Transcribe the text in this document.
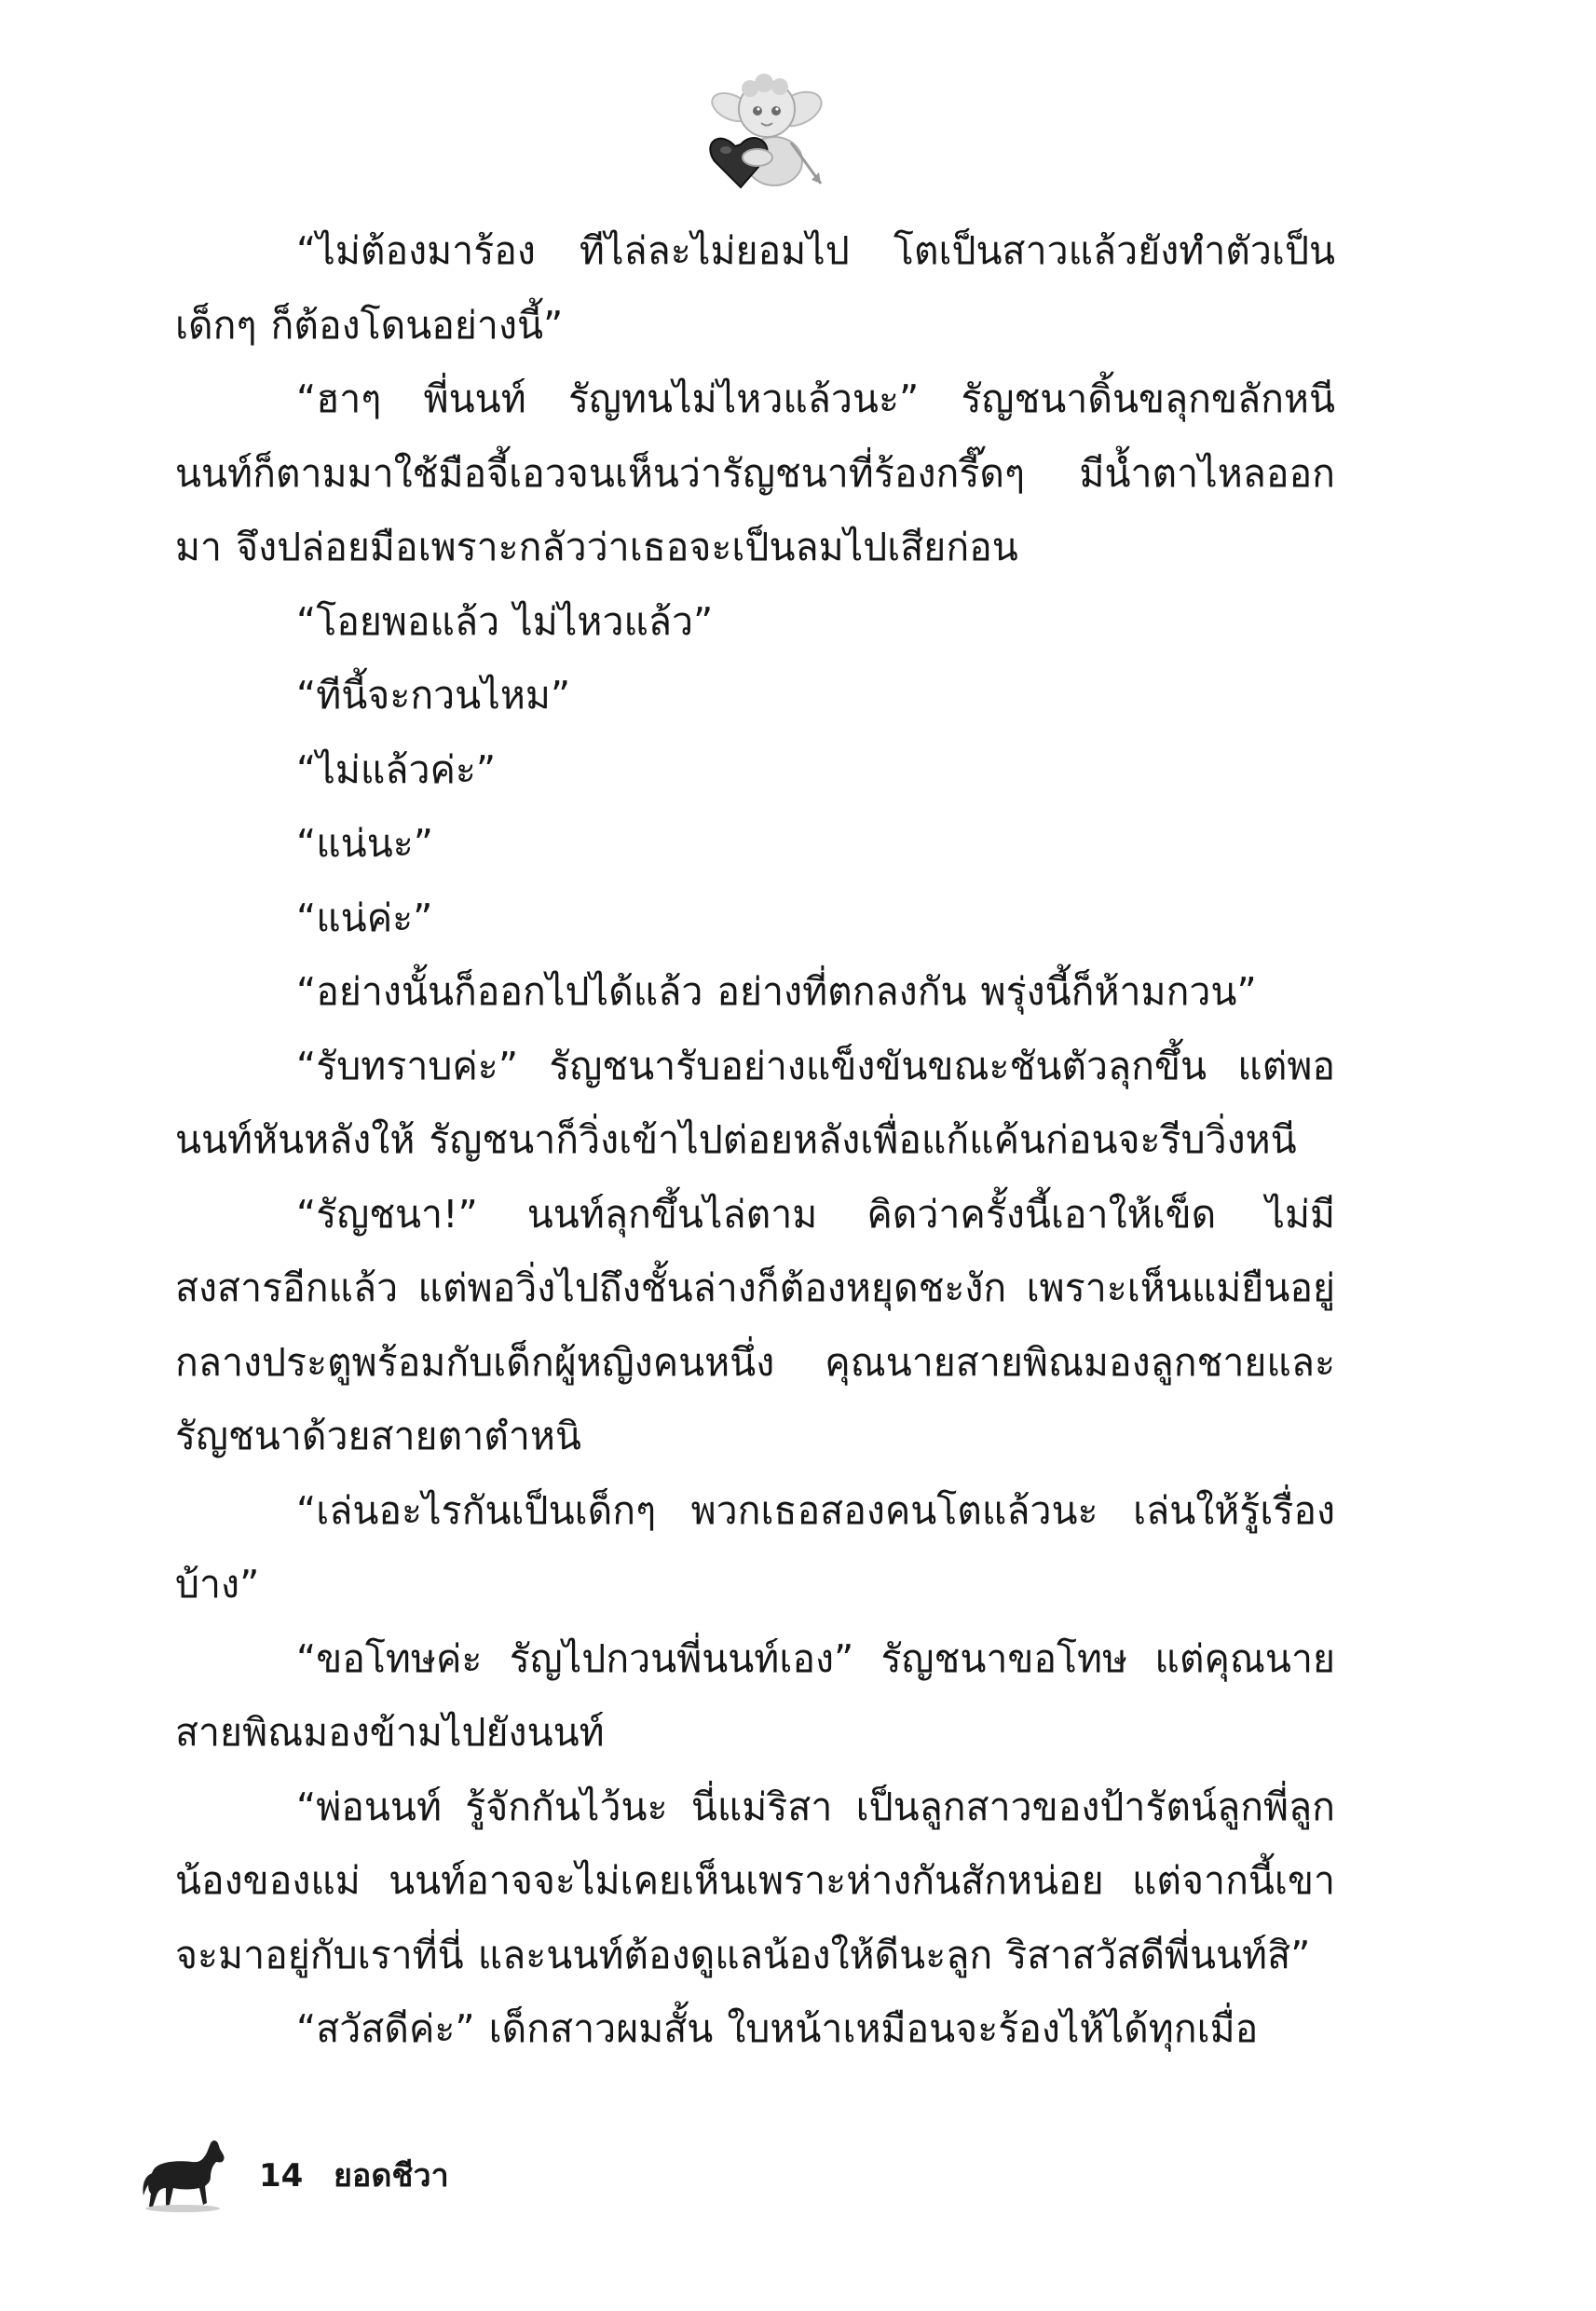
“ไม่ต้องมาร้อง ทีไล่ละไม่ยอมไป โตเป็นสาวแล้วยังทำตัวเป็นเด็กๆ ก็ต้องโดนอย่างนี้”

“ฮาๆ พี่นนท์ รัญทนไม่ไหวแล้วนะ” รัญชนาดิ้นขลุกขลักหนี นนท์ก็ตามมาใช้มือจี้เอวจนเห็นว่ารัญชนาที่ร้องกรี๊ดๆ มีน้ำตาไหลออกมา จึงปล่อยมือเพราะกลัวว่าเธอจะเป็นลมไปเสียก่อน

“โอยพอแล้ว ไม่ไหวแล้ว”

“ทีนี้จะกวนไหม”

“ไม่แล้วค่ะ”

“แน่นะ”

“แน่ค่ะ”

“อย่างนั้นก็ออกไปได้แล้ว อย่างที่ตกลงกัน พรุ่งนี้ก็ห้ามกวน”

“รับทราบค่ะ” รัญชนารับอย่างแข็งขันขณะชันตัวลุกขึ้น แต่พอนนท์หันหลังให้ รัญชนาก็วิ่งเข้าไปต่อยหลังเพื่อแก้แค้นก่อนจะรีบวิ่งหนี

“รัญชนา!” นนท์ลุกขึ้นไล่ตาม คิดว่าครั้งนี้เอาให้เข็ด ไม่มีสงสารอีกแล้ว แต่พอวิ่งไปถึงชั้นล่างก็ต้องหยุดชะงัก เพราะเห็นแม่ยืนอยู่กลางประตูพร้อมกับเด็กผู้หญิงคนหนึ่ง คุณนายสายพิณมองลูกชายและรัญชนาด้วยสายตาตำหนิ

“เล่นอะไรกันเป็นเด็กๆ พวกเธอสองคนโตแล้วนะ เล่นให้รู้เรื่องบ้าง”

“ขอโทษค่ะ รัญไปกวนพี่นนท์เอง” รัญชนาขอโทษ แต่คุณนายสายพิณมองข้ามไปยังนนท์

“พ่อนนท์ รู้จักกันไว้นะ นี่แม่ริสา เป็นลูกสาวของป้ารัตน์ลูกพี่ลูกน้องของแม่ นนท์อาจจะไม่เคยเห็นเพราะห่างกันสักหน่อย แต่จากนี้เขาจะมาอยู่กับเราที่นี่ และนนท์ต้องดูแลน้องให้ดีนะลูก ริสาสวัสดีพี่นนท์สิ”

“สวัสดีค่ะ” เด็กสาวผมสั้น ใบหน้าเหมือนจะร้องไห้ได้ทุกเมื่อ

14 ยอดชีวา
